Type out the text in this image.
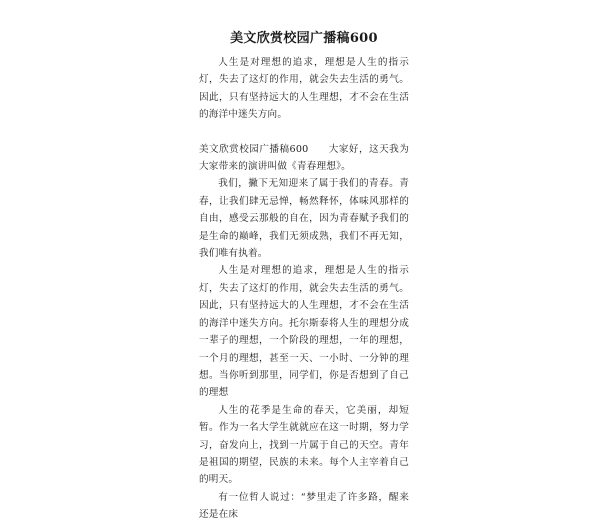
美文欣赏校园广播稿600

人生是对理想的追求，理想是人生的指示灯，失去了这灯的作用，就会失去生活的勇气。因此，只有坚持远大的人生理想，才不会在生活的海洋中迷失方向。

美文欣赏校园广播稿600　　大家好，这天我为大家带来的演讲叫做《青春理想》。

我们，撇下无知迎来了属于我们的青春。青春，让我们肆无忌惮，畅然释怀，体味风那样的自由，感受云那般的自在，因为青春赋予我们的是生命的巅峰，我们无须成熟，我们不再无知，我们唯有执着。

人生是对理想的追求，理想是人生的指示灯，失去了这灯的作用，就会失去生活的勇气。因此，只有坚持远大的人生理想，才不会在生活的海洋中迷失方向。托尔斯泰将人生的理想分成一辈子的理想，一个阶段的理想，一年的理想，一个月的理想，甚至一天、一小时、一分钟的理想。当你听到那里，同学们，你是否想到了自己的理想

人生的花季是生命的春天，它美丽，却短暂。作为一名大学生就就应在这一时期，努力学习，奋发向上，找到一片属于自己的天空。青年是祖国的期望，民族的未来。每个人主宰着自己的明天。

有一位哲人说过：“梦里走了许多路，醒来还是在床
